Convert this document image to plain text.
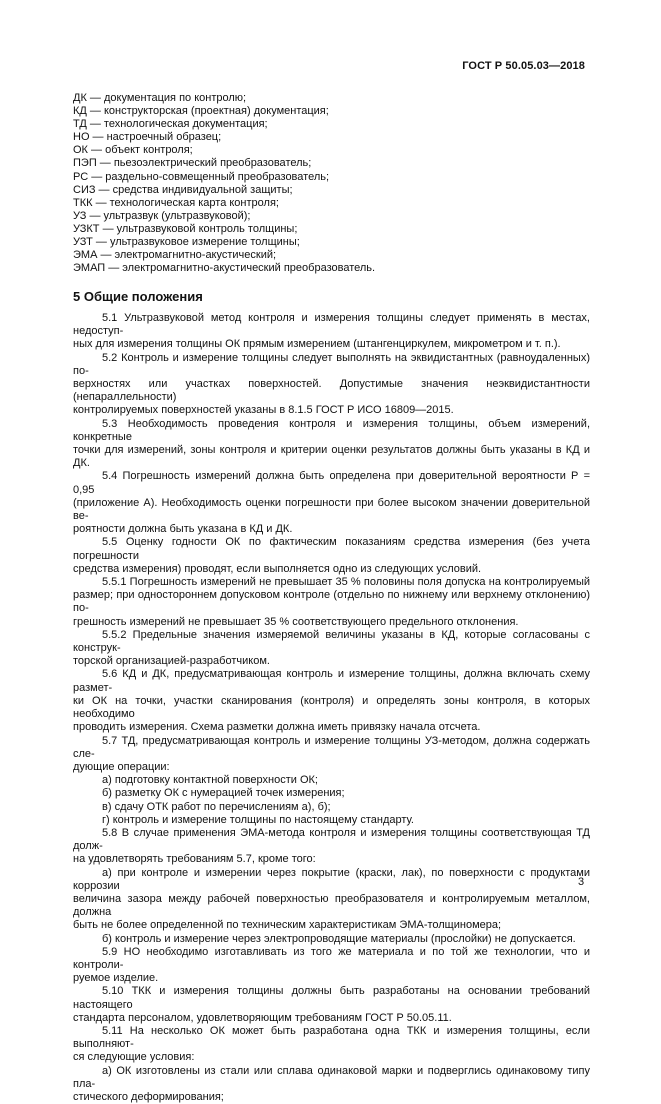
ГОСТ Р 50.05.03—2018
ДК — документация по контролю;
КД — конструкторская (проектная) документация;
ТД — технологическая документация;
НО — настроечный образец;
ОК — объект контроля;
ПЭП — пьезоэлектрический преобразователь;
РС — раздельно-совмещенный преобразователь;
СИЗ — средства индивидуальной защиты;
ТКК — технологическая карта контроля;
УЗ — ультразвук (ультразвуковой);
УЗКТ — ультразвуковой контроль толщины;
УЗТ — ультразвуковое измерение толщины;
ЭМА — электромагнитно-акустический;
ЭМАП — электромагнитно-акустический преобразователь.
5 Общие положения
5.1 Ультразвуковой метод контроля и измерения толщины следует применять в местах, недоступ-
ных для измерения толщины ОК прямым измерением (штангенциркулем, микрометром и т. п.).
5.2 Контроль и измерение толщины следует выполнять на эквидистантных (равноудаленных) по-
верхностях или участках поверхностей. Допустимые значения неэквидистантности (непараллельности)
контролируемых поверхностей указаны в 8.1.5 ГОСТ Р ИСО 16809—2015.
5.3 Необходимость проведения контроля и измерения толщины, объем измерений, конкретные
точки для измерений, зоны контроля и критерии оценки результатов должны быть указаны в КД и ДК.
5.4 Погрешность измерений должна быть определена при доверительной вероятности Р = 0,95
(приложение А). Необходимость оценки погрешности при более высоком значении доверительной ве-
роятности должна быть указана в КД и ДК.
5.5 Оценку годности ОК по фактическим показаниям средства измерения (без учета погрешности
средства измерения) проводят, если выполняется одно из следующих условий.
5.5.1 Погрешность измерений не превышает 35 % половины поля допуска на контролируемый
размер; при одностороннем допусковом контроле (отдельно по нижнему или верхнему отклонению) по-
грешность измерений не превышает 35 % соответствующего предельного отклонения.
5.5.2 Предельные значения измеряемой величины указаны в КД, которые согласованы с конструк-
торской организацией-разработчиком.
5.6 КД и ДК, предусматривающая контроль и измерение толщины, должна включать схему размет-
ки ОК на точки, участки сканирования (контроля) и определять зоны контроля, в которых необходимо
проводить измерения. Схема разметки должна иметь привязку начала отсчета.
5.7 ТД, предусматривающая контроль и измерение толщины УЗ-методом, должна содержать сле-
дующие операции:
а) подготовку контактной поверхности ОК;
б) разметку ОК с нумерацией точек измерения;
в) сдачу ОТК работ по перечислениям а), б);
г) контроль и измерение толщины по настоящему стандарту.
5.8 В случае применения ЭМА-метода контроля и измерения толщины соответствующая ТД долж-
на удовлетворять требованиям 5.7, кроме того:
а) при контроле и измерении через покрытие (краски, лак), по поверхности с продуктами коррозии
величина зазора между рабочей поверхностью преобразователя и контролируемым металлом, должна
быть не более определенной по техническим характеристикам ЭМА-толщиномера;
б) контроль и измерение через электропроводящие материалы (прослойки) не допускается.
5.9 НО необходимо изготавливать из того же материала и по той же технологии, что и контроли-
руемое изделие.
5.10 ТКК и измерения толщины должны быть разработаны на основании требований настоящего
стандарта персоналом, удовлетворяющим требованиям ГОСТ Р 50.05.11.
5.11 На несколько ОК может быть разработана одна ТКК и измерения толщины, если выполняют-
ся следующие условия:
а) ОК изготовлены из стали или сплава одинаковой марки и подверглись одинаковому типу пла-
стического деформирования;
3
